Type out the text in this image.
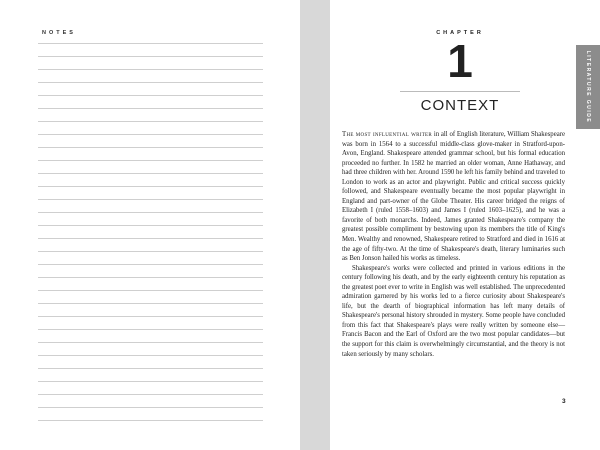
NOTES	CHAPTER
1
CONTEXT

The most influential writer in all of English literature, William Shakespeare was born in 1564 to a successful middle-class glove-maker in Stratford-upon-Avon, England. Shakespeare attended grammar school, but his formal education proceeded no further. In 1582 he married an older woman, Anne Hathaway, and had three children with her. Around 1590 he left his family behind and traveled to London to work as an actor and playwright. Public and critical success quickly followed, and Shakespeare eventually became the most popular playwright in England and part-owner of the Globe Theater. His career bridged the reigns of Elizabeth I (ruled 1558–1603) and James I (ruled 1603–1625), and he was a favorite of both monarchs. Indeed, James granted Shakespeare's company the greatest possible compliment by bestowing upon its members the title of King's Men. Wealthy and renowned, Shakespeare retired to Stratford and died in 1616 at the age of fifty-two. At the time of Shakespeare's death, literary luminaries such as Ben Jonson hailed his works as timeless.

Shakespeare's works were collected and printed in various editions in the century following his death, and by the early eighteenth century his reputation as the greatest poet ever to write in English was well established. The unprecedented admiration garnered by his works led to a fierce curiosity about Shakespeare's life, but the dearth of biographical information has left many details of Shakespeare's personal history shrouded in mystery. Some people have concluded from this fact that Shakespeare's plays were really written by someone else—Francis Bacon and the Earl of Oxford are the two most popular candidates—but the support for this claim is overwhelmingly circumstantial, and the theory is not taken seriously by many scholars.

LITERATURE GUIDE
3
